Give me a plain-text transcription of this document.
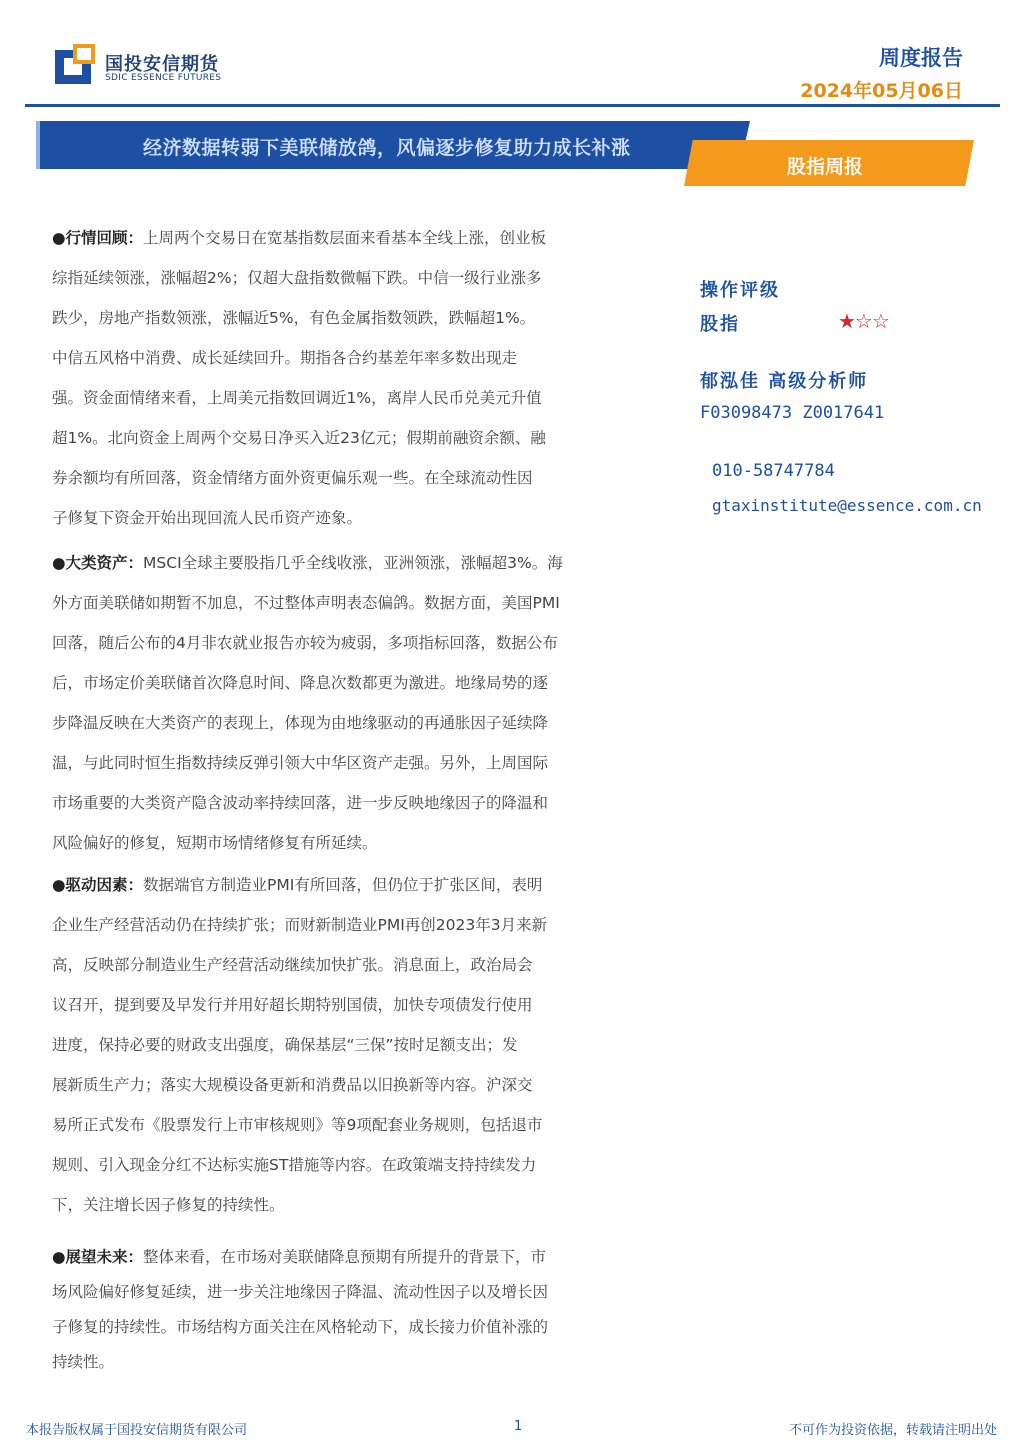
国投安信期货
SDIC ESSENCE FUTURES
周度报告
2024年05月06日
经济数据转弱下美联储放鸽，风偏逐步修复助力成长补涨
股指周报
●行情回顾：上周两个交易日在宽基指数层面来看基本全线上涨，创业板
综指延续领涨，涨幅超2%；仅超大盘指数微幅下跌。中信一级行业涨多
跌少，房地产指数领涨，涨幅近5%，有色金属指数领跌，跌幅超1%。
中信五风格中消费、成长延续回升。期指各合约基差年率多数出现走
强。资金面情绪来看，上周美元指数回调近1%，离岸人民币兑美元升值
超1%。北向资金上周两个交易日净买入近23亿元；假期前融资余额、融
券余额均有所回落，资金情绪方面外资更偏乐观一些。在全球流动性因
子修复下资金开始出现回流人民币资产迹象。
●大类资产：MSCI全球主要股指几乎全线收涨，亚洲领涨，涨幅超3%。海
外方面美联储如期暂不加息，不过整体声明表态偏鸽。数据方面，美国PMI
回落，随后公布的4月非农就业报告亦较为疲弱，多项指标回落，数据公布
后，市场定价美联储首次降息时间、降息次数都更为激进。地缘局势的逐
步降温反映在大类资产的表现上，体现为由地缘驱动的再通胀因子延续降
温，与此同时恒生指数持续反弹引领大中华区资产走强。另外，上周国际
市场重要的大类资产隐含波动率持续回落，进一步反映地缘因子的降温和
风险偏好的修复，短期市场情绪修复有所延续。
●驱动因素：数据端官方制造业PMI有所回落，但仍位于扩张区间，表明
企业生产经营活动仍在持续扩张；而财新制造业PMI再创2023年3月来新
高，反映部分制造业生产经营活动继续加快扩张。消息面上，政治局会
议召开，提到要及早发行并用好超长期特别国债，加快专项债发行使用
进度，保持必要的财政支出强度，确保基层“三保”按时足额支出；发
展新质生产力；落实大规模设备更新和消费品以旧换新等内容。沪深交
易所正式发布《股票发行上市审核规则》等9项配套业务规则，包括退市
规则、引入现金分红不达标实施ST措施等内容。在政策端支持持续发力
下，关注增长因子修复的持续性。
●展望未来：整体来看，在市场对美联储降息预期有所提升的背景下，市
场风险偏好修复延续，进一步关注地缘因子降温、流动性因子以及增长因
子修复的持续性。市场结构方面关注在风格轮动下，成长接力价值补涨的
持续性。
操作评级
股指	★☆☆
郁泓佳 高级分析师
F03098473 Z0017641
010-58747784
gtaxinstitute@essence.com.cn
本报告版权属于国投安信期货有限公司	1	不可作为投资依据，转载请注明出处
